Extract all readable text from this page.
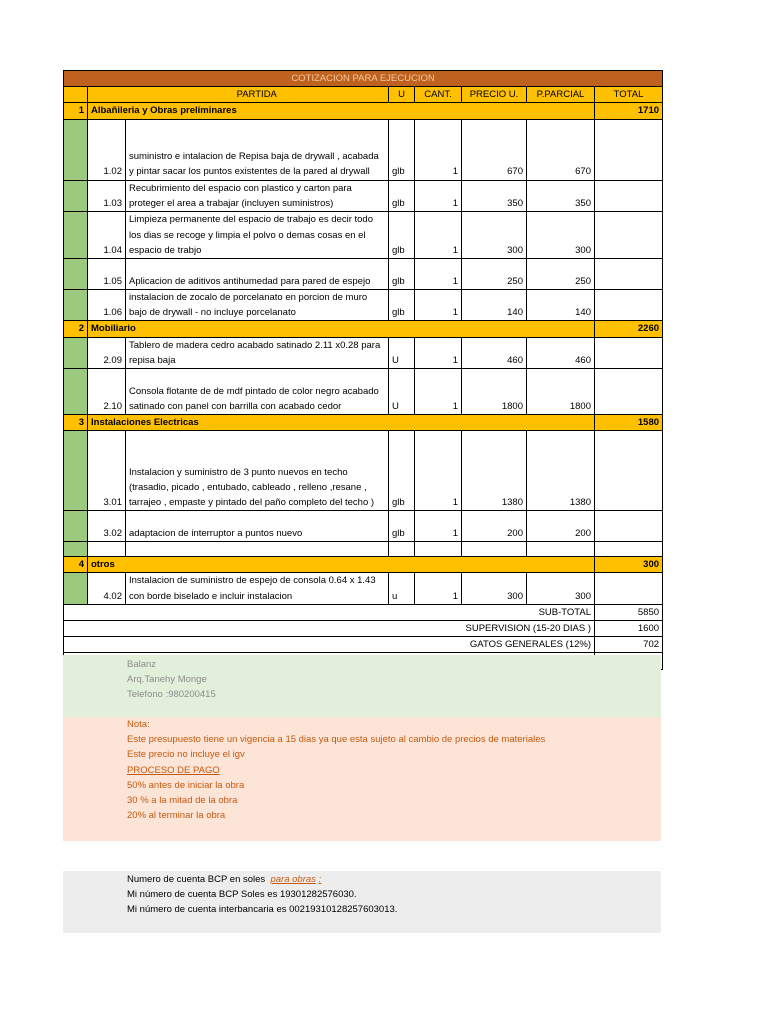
COTIZACION PARA EJECUCION							
		PARTIDA	U	CANT.	PRECIO U.	P.PARCIAL	TOTAL
1	Albañileria y Obras preliminares						1710
	1.02	suministro e intalacion de Repisa baja de drywall , acabada y pintar sacar los puntos existentes de la pared al drywall	glb	1	670	670	
	1.03	Recubrimiento del espacio con plastico y carton para proteger el area a trabajar (incluyen suministros)	glb	1	350	350	
	1.04	Limpieza permanente del espacio de trabajo es decir todo los dias se recoge y limpia el polvo o demas cosas en el espacio de trabjo	glb	1	300	300	
	1.05	Aplicacion de aditivos antihumedad para pared de espejo	glb	1	250	250	
	1.06	instalacion de zocalo de porcelanato en porcion de muro bajo de drywall - no incluye porcelanato	glb	1	140	140	
2	Mobiliario						2260
	2.09	Tablero de madera cedro acabado satinado 2.11 x0.28 para repisa baja	U	1	460	460	
	2.10	Consola flotante de de mdf pintado de color negro acabado satinado con panel con barrilla con acabado cedor	U	1	1800	1800	
3	Instalaciones Electricas						1580
	3.01	Instalacion y suministro de 3 punto nuevos en techo (trasadio, picado , entubado, cableado , relleno ,resane , tarrajeo , empaste y pintado del paño completo del techo )	glb	1	1380	1380	
	3.02	adaptacion de interruptor a puntos nuevo	glb	1	200	200	

4	otros						300
	4.02	Instalacion de suministro de espejo de consola 0.64 x 1.43 con borde biselado e incluir instalacion	u	1	300	300	
SUB-TOTAL							5850
SUPERVISION (15-20 DIAS )							1600
GATOS GENERALES (12%)							702

Balanz
Arq.Tanehy Monge
Telefono :980200415
Nota:
Este presupuesto tiene un vigencia a 15 dias ya que esta sujeto al cambio de precios de materiales
Este precio no incluye el igv
PROCESO DE PAGO
50% antes de iniciar la obra
30 % a la mitad de la obra
20% al terminar la obra
Numero de cuenta BCP en soles para obras :
Mi número de cuenta BCP Soles es 19301282576030.
Mi número de cuenta interbancaria es 00219310128257603013.
